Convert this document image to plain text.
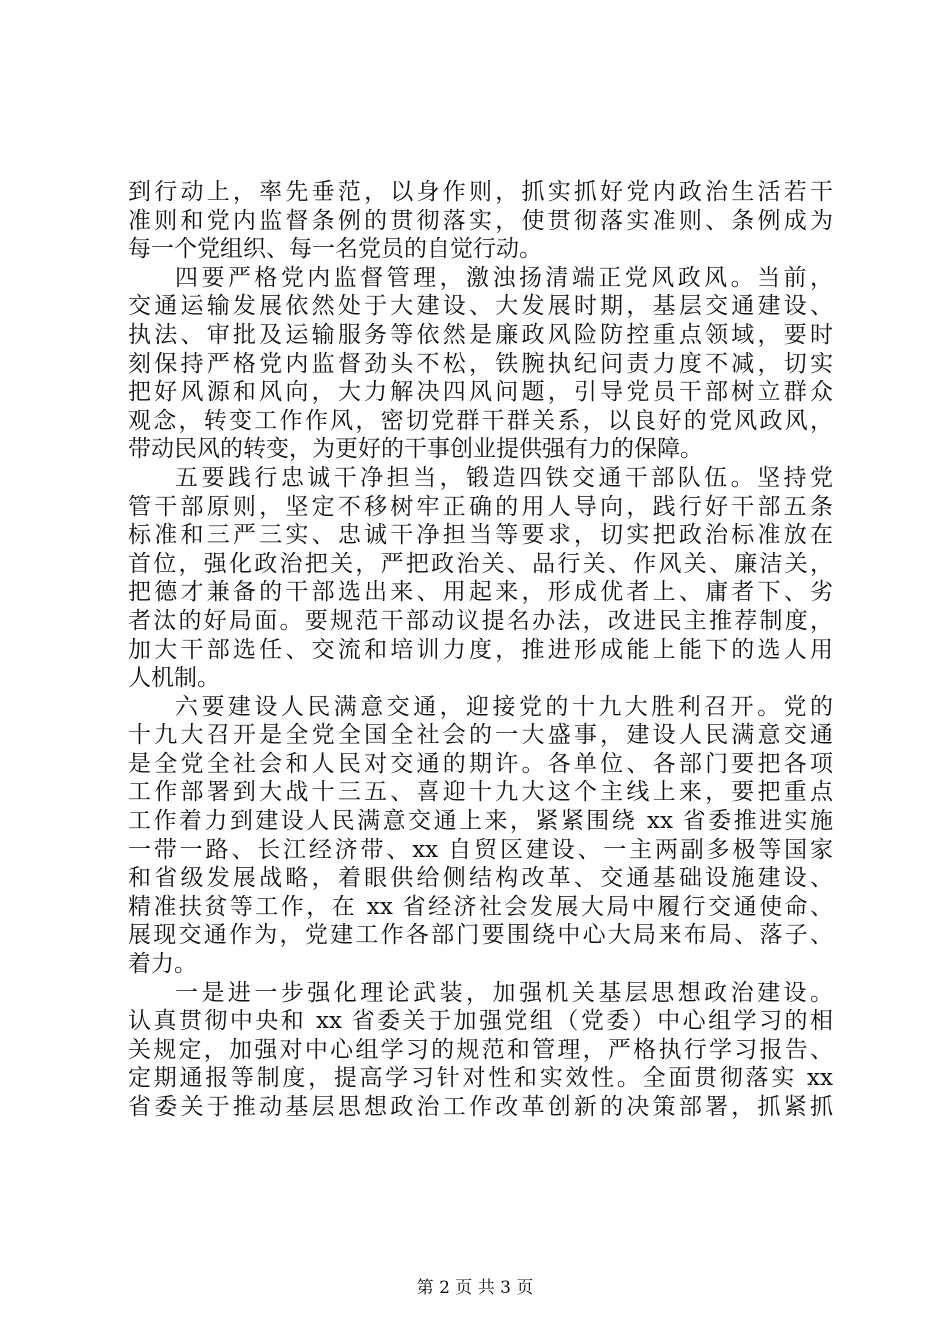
到行动上，率先垂范，以身作则，抓实抓好党内政治生活若干
准则和党内监督条例的贯彻落实，使贯彻落实准则、条例成为
每一个党组织、每一名党员的自觉行动。
四要严格党内监督管理，激浊扬清端正党风政风。当前，
交通运输发展依然处于大建设、大发展时期，基层交通建设、
执法、审批及运输服务等依然是廉政风险防控重点领域，要时
刻保持严格党内监督劲头不松，铁腕执纪问责力度不减，切实
把好风源和风向，大力解决四风问题，引导党员干部树立群众
观念，转变工作作风，密切党群干群关系，以良好的党风政风，
带动民风的转变，为更好的干事创业提供强有力的保障。
五要践行忠诚干净担当，锻造四铁交通干部队伍。坚持党
管干部原则，坚定不移树牢正确的用人导向，践行好干部五条
标准和三严三实、忠诚干净担当等要求，切实把政治标准放在
首位，强化政治把关，严把政治关、品行关、作风关、廉洁关，
把德才兼备的干部选出来、用起来，形成优者上、庸者下、劣
者汰的好局面。要规范干部动议提名办法，改进民主推荐制度，
加大干部选任、交流和培训力度，推进形成能上能下的选人用
人机制。
六要建设人民满意交通，迎接党的十九大胜利召开。党的
十九大召开是全党全国全社会的一大盛事，建设人民满意交通
是全党全社会和人民对交通的期许。各单位、各部门要把各项
工作部署到大战十三五、喜迎十九大这个主线上来，要把重点
工作着力到建设人民满意交通上来，紧紧围绕 xx 省委推进实施
一带一路、长江经济带、xx 自贸区建设、一主两副多极等国家
和省级发展战略，着眼供给侧结构改革、交通基础设施建设、
精准扶贫等工作，在 xx 省经济社会发展大局中履行交通使命、
展现交通作为，党建工作各部门要围绕中心大局来布局、落子、
着力。
一是进一步强化理论武装，加强机关基层思想政治建设。
认真贯彻中央和 xx 省委关于加强党组（党委）中心组学习的相
关规定，加强对中心组学习的规范和管理，严格执行学习报告、
定期通报等制度，提高学习针对性和实效性。全面贯彻落实 xx
省委关于推动基层思想政治工作改革创新的决策部署，抓紧抓
第 2 页 共 3 页
